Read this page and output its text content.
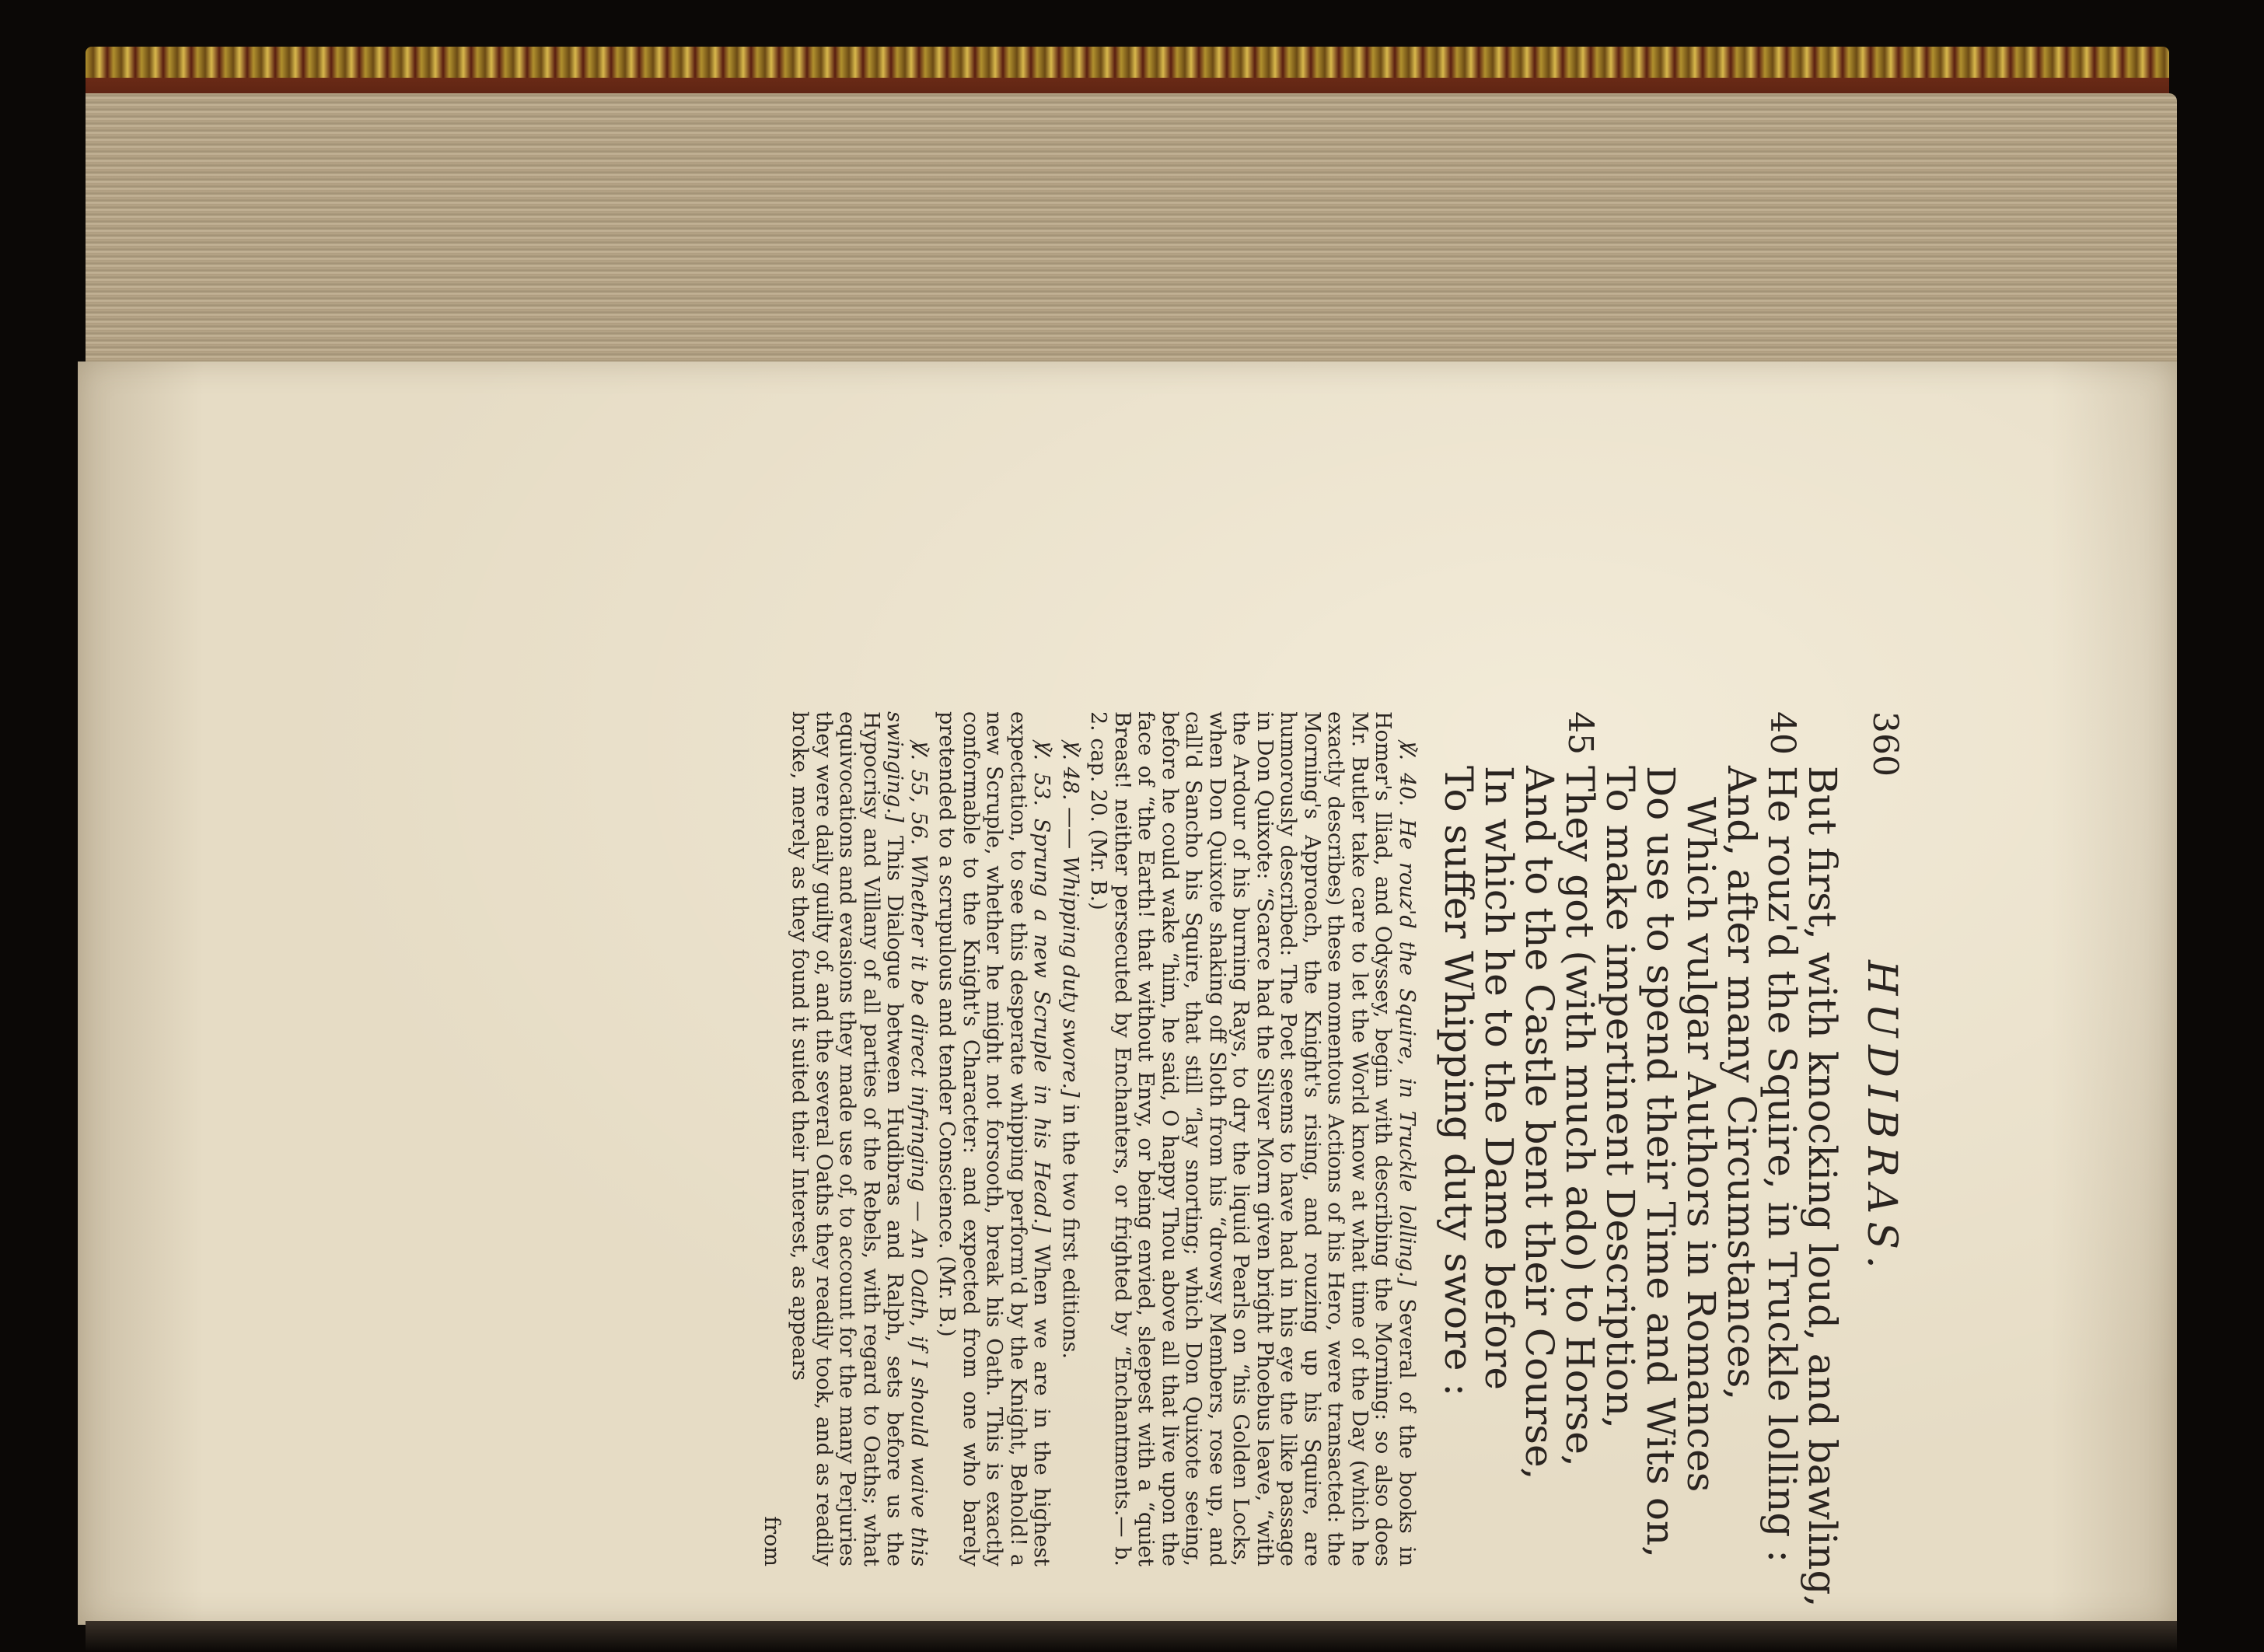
360
HUDIBRAS.
But first, with knocking loud, and bawling,
40
He rouz'd the Squire, in Truckle lolling :
And, after many Circumstances,
Which vulgar Authors in Romances
Do use to spend their Time and Wits on,
To make impertinent Description,
45
They got (with much ado) to Horse,
And to the Castle bent their Course,
In which he to the Dame before
To suffer Whipping duty swore :

℣. 40. He rouz'd the Squire, in Truckle lolling.] Several of the books in Homer's Iliad, and Odyssey, begin with describing the Morning: so also does Mr. Butler take care to let the World know at what time of the Day (which he exactly describes) these momentous Actions of his Hero, were transacted: the Morning's Approach, the Knight's rising, and rouzing up his Squire, are humorously described: The Poet seems to have had in his eye the like passage in Don Quixote: “Scarce had the Silver Morn given bright Phoebus leave, “with the Ardour of his burning Rays, to dry the liquid Pearls on “his Golden Locks, when Don Quixote shaking off Sloth from his “drowsy Members, rose up, and call'd Sancho his Squire, that still “lay snorting; which Don Quixote seeing, before he could wake “him, he said, O happy Thou above all that live upon the face of “the Earth! that without Envy, or being envied, sleepest with a “quiet Breast! neither persecuted by Enchanters, or frighted by “Enchantments.— b. 2. cap. 20. (Mr. B.)

℣. 48. —— Whipping duty swore.] in the two first editions.

℣. 53. Sprung a new Scruple in his Head.] When we are in the highest expectation, to see this desperate whipping perform'd by the Knight, Behold! a new Scruple, whether he might not forsooth, break his Oath. This is exactly conformable to the Knight's Character: and expected from one who barely pretended to a scrupulous and tender Conscience. (Mr. B.)

℣. 55, 56. Whether it be direct infringing — An Oath, if I should waive this swinging.] This Dialogue between Hudibras and Ralph, sets before us the Hypocrisy and Villany of all parties of the Rebels, with regard to Oaths; what equivocations and evasions they made use of, to account for the many Perjuries they were daily guilty of, and the several Oaths they readily took, and as readily broke, merely as they found it suited their Interest, as appears

from
